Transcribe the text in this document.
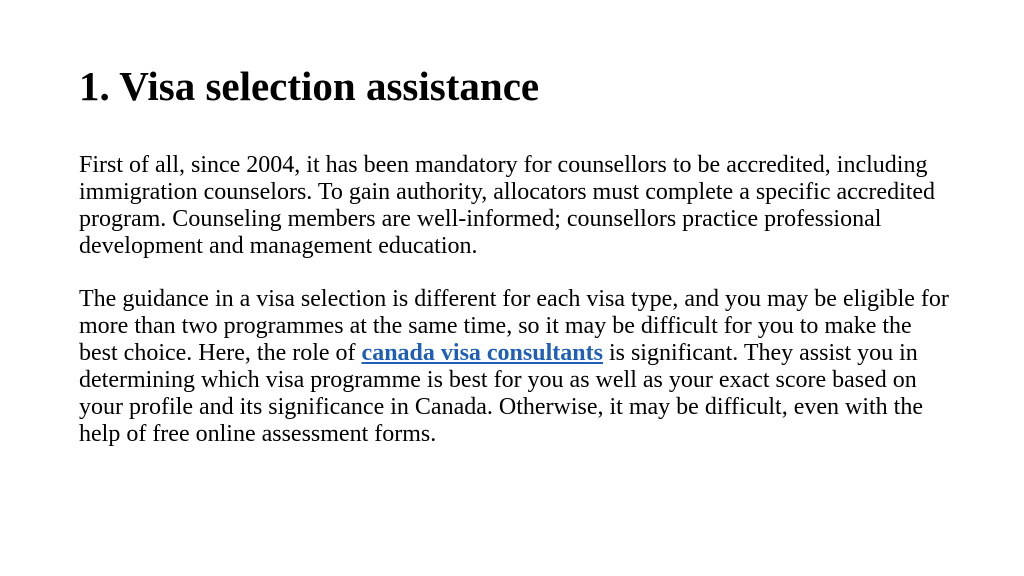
1. Visa selection assistance

First of all, since 2004, it has been mandatory for counsellors to be accredited, including immigration counselors. To gain authority, allocators must complete a specific accredited program. Counseling members are well-informed; counsellors practice professional development and management education.

The guidance in a visa selection is different for each visa type, and you may be eligible for more than two programmes at the same time, so it may be difficult for you to make the best choice. Here, the role of canada visa consultants is significant. They assist you in determining which visa programme is best for you as well as your exact score based on your profile and its significance in Canada. Otherwise, it may be difficult, even with the help of free online assessment forms.
